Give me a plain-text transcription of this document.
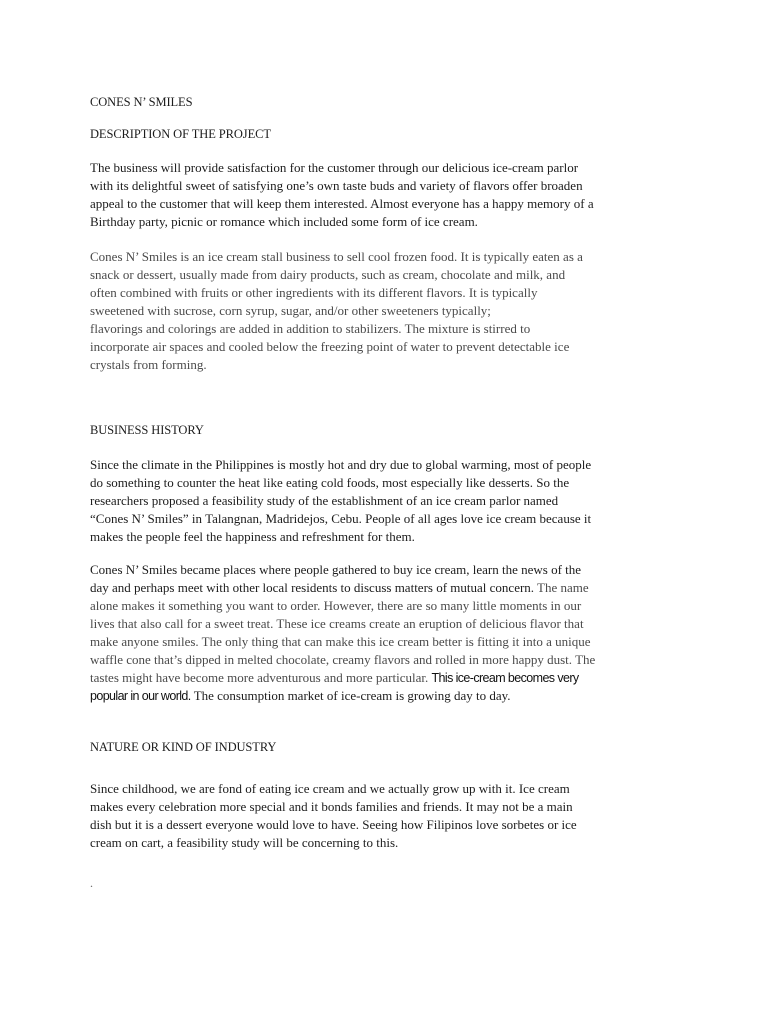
CONES N’ SMILES
DESCRIPTION OF THE PROJECT
The business will provide satisfaction for the customer through our delicious ice-cream parlor
with its delightful sweet of satisfying one’s own taste buds and variety of flavors offer broaden
appeal to the customer that will keep them interested. Almost everyone has a happy memory of a
Birthday party, picnic or romance which included some form of ice cream.
Cones N’ Smiles is an ice cream stall business to sell cool frozen food. It is typically eaten as a
snack or dessert, usually made from dairy products, such as cream, chocolate and milk, and
often combined with fruits or other ingredients with its different flavors. It is typically
sweetened with sucrose, corn syrup, sugar, and/or other sweeteners typically;
flavorings and colorings are added in addition to stabilizers. The mixture is stirred to
incorporate air spaces and cooled below the freezing point of water to prevent detectable ice
crystals from forming.
BUSINESS HISTORY
Since the climate in the Philippines is mostly hot and dry due to global warming, most of people
do something to counter the heat like eating cold foods, most especially like desserts. So the
researchers proposed a feasibility study of the establishment of an ice cream parlor named
“Cones N’ Smiles” in Talangnan, Madridejos, Cebu. People of all ages love ice cream because it
makes the people feel the happiness and refreshment for them.
Cones N’ Smiles became places where people gathered to buy ice cream, learn the news of the
day and perhaps meet with other local residents to discuss matters of mutual concern. The name
alone makes it something you want to order. However, there are so many little moments in our
lives that also call for a sweet treat. These ice creams create an eruption of delicious flavor that
make anyone smiles. The only thing that can make this ice cream better is fitting it into a unique
waffle cone that’s dipped in melted chocolate, creamy flavors and rolled in more happy dust. The
tastes might have become more adventurous and more particular. This ice-cream becomes very
popular in our world. The consumption market of ice-cream is growing day to day.
NATURE OR KIND OF INDUSTRY
Since childhood, we are fond of eating ice cream and we actually grow up with it. Ice cream
makes every celebration more special and it bonds families and friends. It may not be a main
dish but it is a dessert everyone would love to have. Seeing how Filipinos love sorbetes or ice
cream on cart, a feasibility study will be concerning to this.
.
